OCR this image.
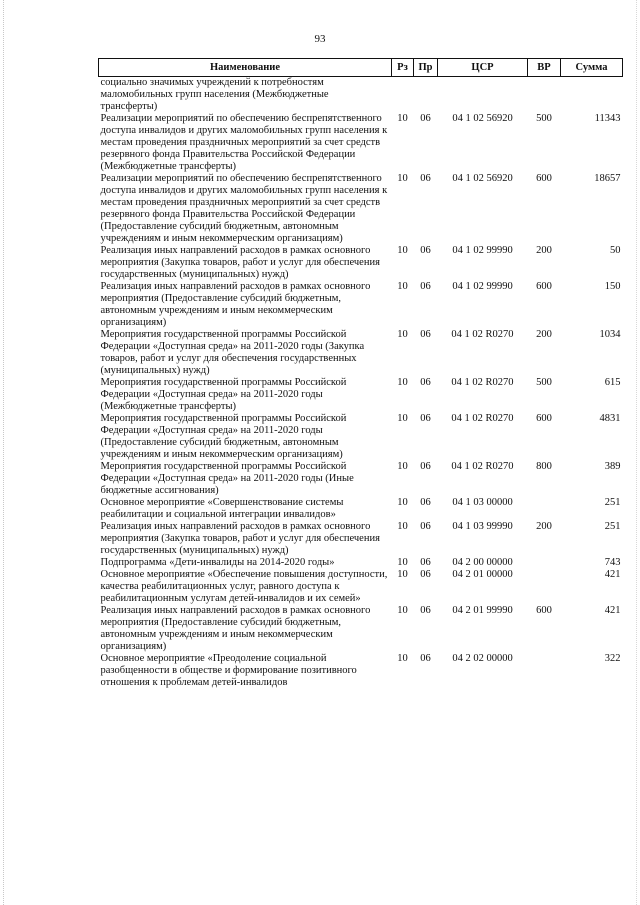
93
Наименование	Рз	Пр	ЦСР	ВР	Сумма
социально значимых учреждений к потребностям маломобильных групп населения (Межбюджетные трансферты)					
Реализации мероприятий по обеспечению беспрепятственного доступа инвалидов и других маломобильных групп населения к местам проведения праздничных мероприятий за счет средств резервного фонда Правительства Российской Федерации (Межбюджетные трансферты)	10	06	04 1 02 56920	500	11343
Реализации мероприятий по обеспечению беспрепятственного доступа инвалидов и других маломобильных групп населения к местам проведения праздничных мероприятий за счет средств резервного фонда Правительства Российской Федерации (Предоставление субсидий бюджетным, автономным учреждениям и иным некоммерческим организациям)	10	06	04 1 02 56920	600	18657
Реализация иных направлений расходов в рамках основного мероприятия (Закупка товаров, работ и услуг для обеспечения государственных (муниципальных) нужд)	10	06	04 1 02 99990	200	50
Реализация иных направлений расходов в рамках основного мероприятия (Предоставление субсидий бюджетным, автономным учреждениям и иным некоммерческим организациям)	10	06	04 1 02 99990	600	150
Мероприятия государственной программы Российской Федерации «Доступная среда» на 2011-2020 годы (Закупка товаров, работ и услуг для обеспечения государственных (муниципальных) нужд)	10	06	04 1 02 R0270	200	1034
Мероприятия государственной программы Российской Федерации «Доступная среда» на 2011-2020 годы (Межбюджетные трансферты)	10	06	04 1 02 R0270	500	615
Мероприятия государственной программы Российской Федерации «Доступная среда» на 2011-2020 годы (Предоставление субсидий бюджетным, автономным учреждениям и иным некоммерческим организациям)	10	06	04 1 02 R0270	600	4831
Мероприятия государственной программы Российской Федерации «Доступная среда» на 2011-2020 годы (Иные бюджетные ассигнования)	10	06	04 1 02 R0270	800	389
Основное мероприятие «Совершенствование системы реабилитации и социальной интеграции инвалидов»	10	06	04 1 03 00000		251
Реализация иных направлений расходов в рамках основного мероприятия (Закупка товаров, работ и услуг для обеспечения государственных (муниципальных) нужд)	10	06	04 1 03 99990	200	251
Подпрограмма «Дети-инвалиды на 2014-2020 годы»	10	06	04 2 00 00000		743
Основное мероприятие «Обеспечение повышения доступности, качества реабилитационных услуг, равного доступа к реабилитационным услугам детей-инвалидов и их семей»	10	06	04 2 01 00000		421
Реализация иных направлений расходов в рамках основного мероприятия (Предоставление субсидий бюджетным, автономным учреждениям и иным некоммерческим организациям)	10	06	04 2 01 99990	600	421
Основное мероприятие «Преодоление социальной разобщенности в обществе и формирование позитивного отношения к проблемам детей-инвалидов	10	06	04 2 02 00000		322
